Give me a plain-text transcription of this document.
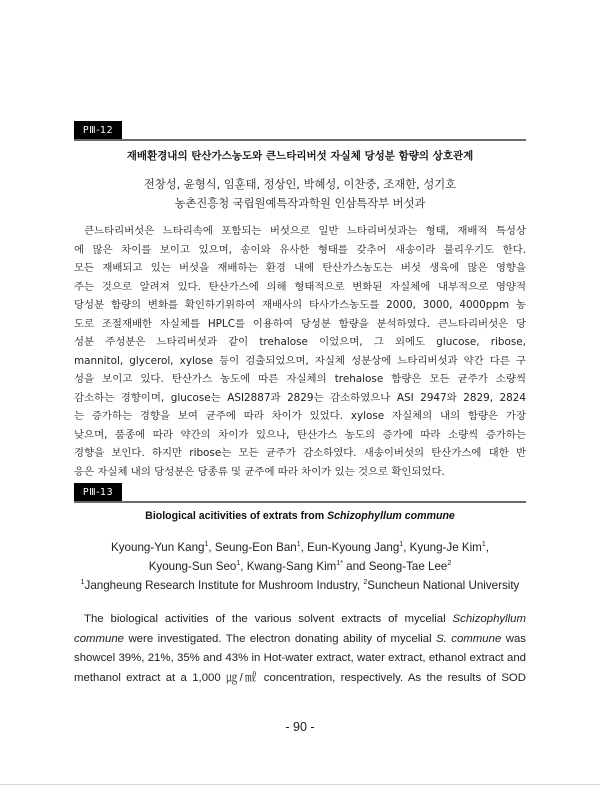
PⅢ-12
재배환경내의 탄산가스농도와 큰느타리버섯 자실체 당성분 함량의 상호관계
전창성, 윤형식, 임훈태, 정상인, 박혜성, 이찬중, 조재한, 성기호
농촌진흥청 국립원예특작과학원 인삼특작부 버섯과
큰느타리버섯은 느타리속에 포함되는 버섯으로 일반 느타리버섯과는 형태, 재배적 특성상
에 많은 차이를 보이고 있으며, 송이와 유사한 형태를 갖추어 새송이라 불리우기도 한다.
모든 재배되고 있는 버섯을 재배하는 환경 내에 탄산가스농도는 버섯 생육에 많은 영향을
주는 것으로 알려져 있다. 탄산가스에 의해 형태적으로 변화된 자실체에 내부적으로 영양적
당성분 함량의 변화를 확인하기위하여 재배사의 타사가스농도를 2000, 3000, 4000ppm 농
도로 조절재배한 자실체를 HPLC를 이용하여 당성분 함량을 분석하였다. 큰느타리버섯은 당
성분 주성분은 느타리버섯과 같이 trehalose 이었으며, 그 외에도 glucose, ribose,
mannitol, glycerol, xylose 등이 검출되었으며, 자실체 성분상에 느타리버섯과 약간 다른 구
성을 보이고 있다. 탄산가스 농도에 따른 자실체의 trehalose 함량은 모든 균주가 소량씩
감소하는 경향이며, glucose는 ASI2887과 2829는 감소하였으나 ASI 2947와 2829, 2824
는 증가하는 경향을 보여 균주에 따라 차이가 있었다. xylose 자실체의 내의 함량은 가장
낮으며, 품종에 따라 약간의 차이가 있으나, 탄산가스 농도의 증가에 따라 소량씩 증가하는
경향을 보인다. 하지만 ribose는 모든 균주가 감소하였다. 새송이버섯의 탄산가스에 대한 반
응은 자실체 내의 당성분은 당종류 및 균주에 따라 차이가 있는 것으로 확인되었다.
PⅢ-13
Biological acitivities of extrats from Schizophyllum commune
Kyoung-Yun Kang$^1$, Seung-Eon Ban$^1$, Eun-Kyoung Jang$^1$, Kyung-Je Kim$^1$,
Kyoung-Sun Seo$^1$, Kwang-Sang Kim$^{1*}$ and Seong-Tae Lee$^2$
$^1$Jangheung Research Institute for Mushroom Industry, $^2$Suncheun National University
The biological activities of the various solvent extracts of mycelial Schizophyllum
commune were investigated. The electron donating ability of mycelial S. commune was
showcel 39%, 21%, 35% and 43% in Hot-water extract, water extract, ethanol extract and
methanol extract at a 1,000 ㎍/㎖ concentration, respectively. As the results of SOD
- 90 -
